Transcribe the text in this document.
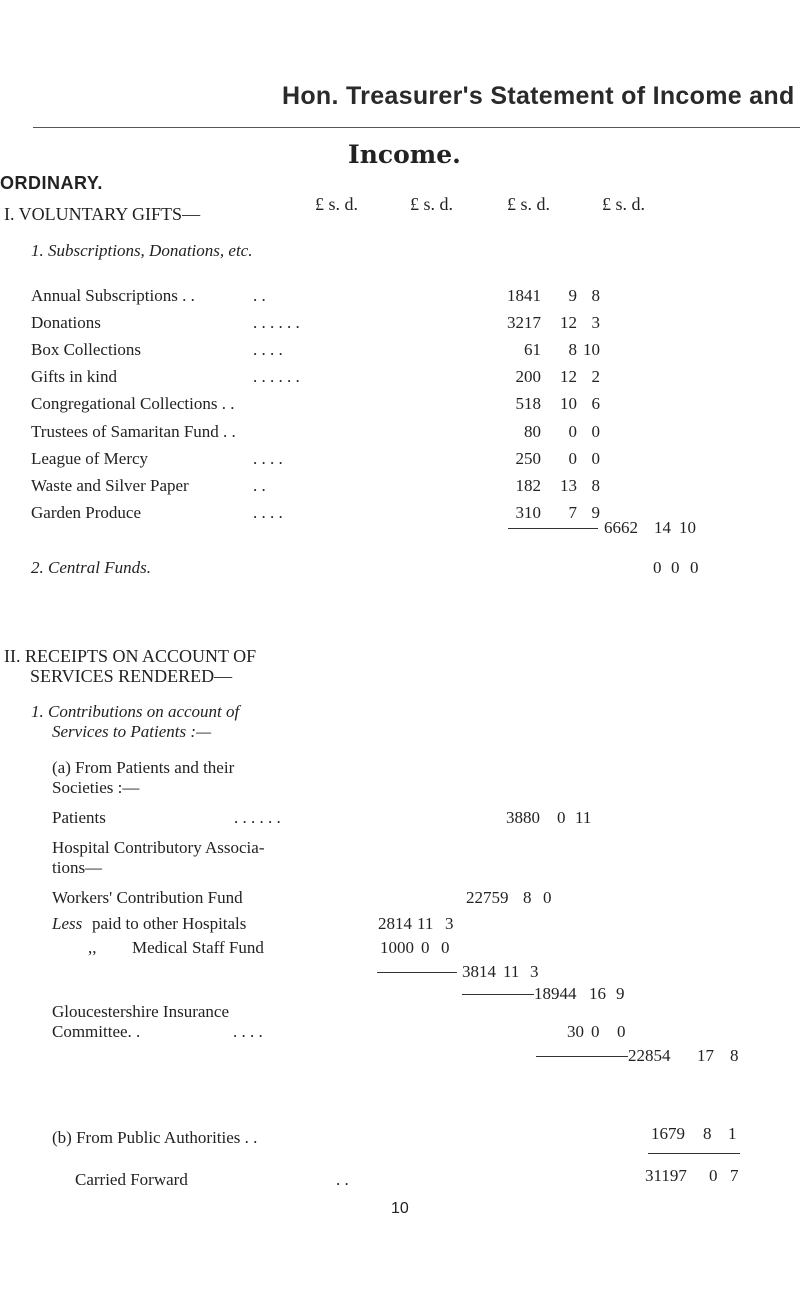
Hon. Treasurer's Statement of Income and
Income.
ORDINARY.
£ s. d.	£ s. d.	£ s. d.	£ s. d.
I. VOLUNTARY GIFTS—
1. Subscriptions, Donations, etc.
Annual Subscriptions . .	. .	1841	9 8
Donations	. . . . . .	3217	12 3
Box Collections	. . . .	61	8 10
Gifts in kind	. . . . . .	200	12 2
Congregational Collections . .	518	10 6
Trustees of Samaritan Fund . .	80	0 0
League of Mercy	. . . .	250	0 0
Waste and Silver Paper	. .	182	13 8
Garden Produce	. . . .	310	7 9
6662 14 10
2. Central Funds.	0 0 0
II. RECEIPTS ON ACCOUNT OF
SERVICES RENDERED—
1. Contributions on account of
Services to Patients :—
(a) From Patients and their
Societies :—
Patients	. . . . . .	3880 0 11
Hospital Contributory Associa-
tions—
Workers' Contribution Fund	22759 8 0
Less paid to other Hospitals	2814 11 3
,, Medical Staff Fund	1000 0 0
3814 11 3
18944 16 9
Gloucestershire Insurance
Committee. .	. . . .	30 0 0
22854 17 8
(b) From Public Authorities . .	1679 8 1
Carried Forward	. .	31197 0 7
10
